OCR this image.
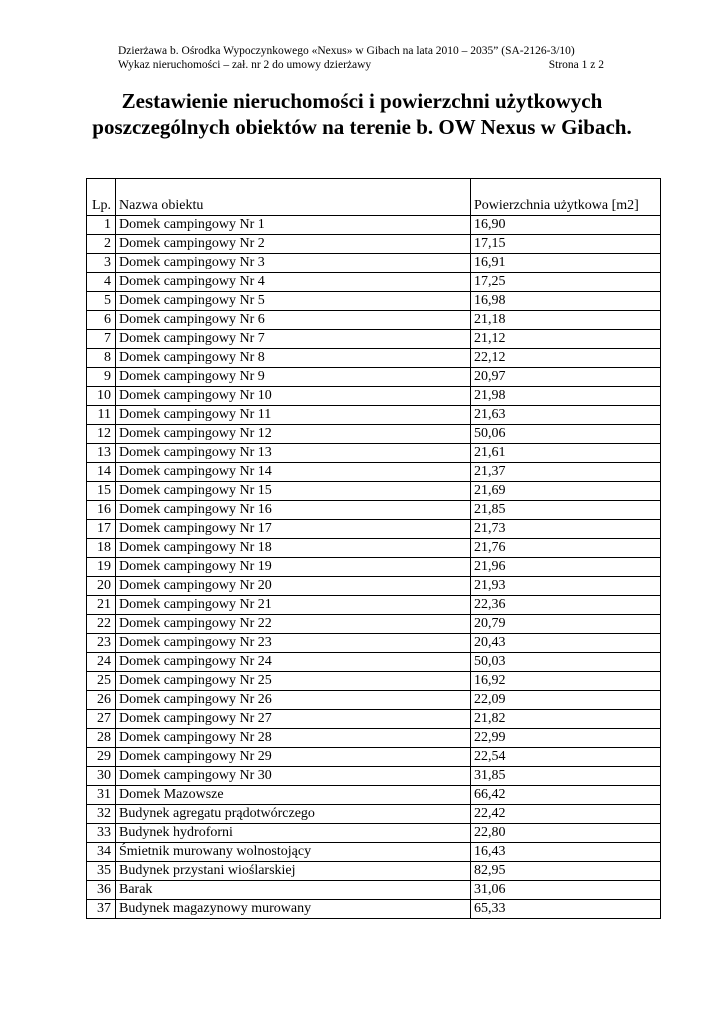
Dzierżawa b. Ośrodka Wypoczynkowego «Nexus» w Gibach na lata 2010 – 2035” (SA-2126-3/10)
Wykaz nieruchomości – zał. nr 2 do umowy dzierżawy	Strona 1 z 2
Zestawienie nieruchomości i powierzchni użytkowych poszczególnych obiektów na terenie b. OW Nexus w Gibach.
Lp.	Nazwa obiektu	Powierzchnia użytkowa [m2]
1	Domek campingowy Nr 1	16,90
2	Domek campingowy Nr 2	17,15
3	Domek campingowy Nr 3	16,91
4	Domek campingowy Nr 4	17,25
5	Domek campingowy Nr 5	16,98
6	Domek campingowy Nr 6	21,18
7	Domek campingowy Nr 7	21,12
8	Domek campingowy Nr 8	22,12
9	Domek campingowy Nr 9	20,97
10	Domek campingowy Nr 10	21,98
11	Domek campingowy Nr 11	21,63
12	Domek campingowy Nr 12	50,06
13	Domek campingowy Nr 13	21,61
14	Domek campingowy Nr 14	21,37
15	Domek campingowy Nr 15	21,69
16	Domek campingowy Nr 16	21,85
17	Domek campingowy Nr 17	21,73
18	Domek campingowy Nr 18	21,76
19	Domek campingowy Nr 19	21,96
20	Domek campingowy Nr 20	21,93
21	Domek campingowy Nr 21	22,36
22	Domek campingowy Nr 22	20,79
23	Domek campingowy Nr 23	20,43
24	Domek campingowy Nr 24	50,03
25	Domek campingowy Nr 25	16,92
26	Domek campingowy Nr 26	22,09
27	Domek campingowy Nr 27	21,82
28	Domek campingowy Nr 28	22,99
29	Domek campingowy Nr 29	22,54
30	Domek campingowy Nr 30	31,85
31	Domek Mazowsze	66,42
32	Budynek agregatu prądotwórczego	22,42
33	Budynek hydroforni	22,80
34	Śmietnik murowany wolnostojący	16,43
35	Budynek przystani wioślarskiej	82,95
36	Barak	31,06
37	Budynek magazynowy murowany	65,33
